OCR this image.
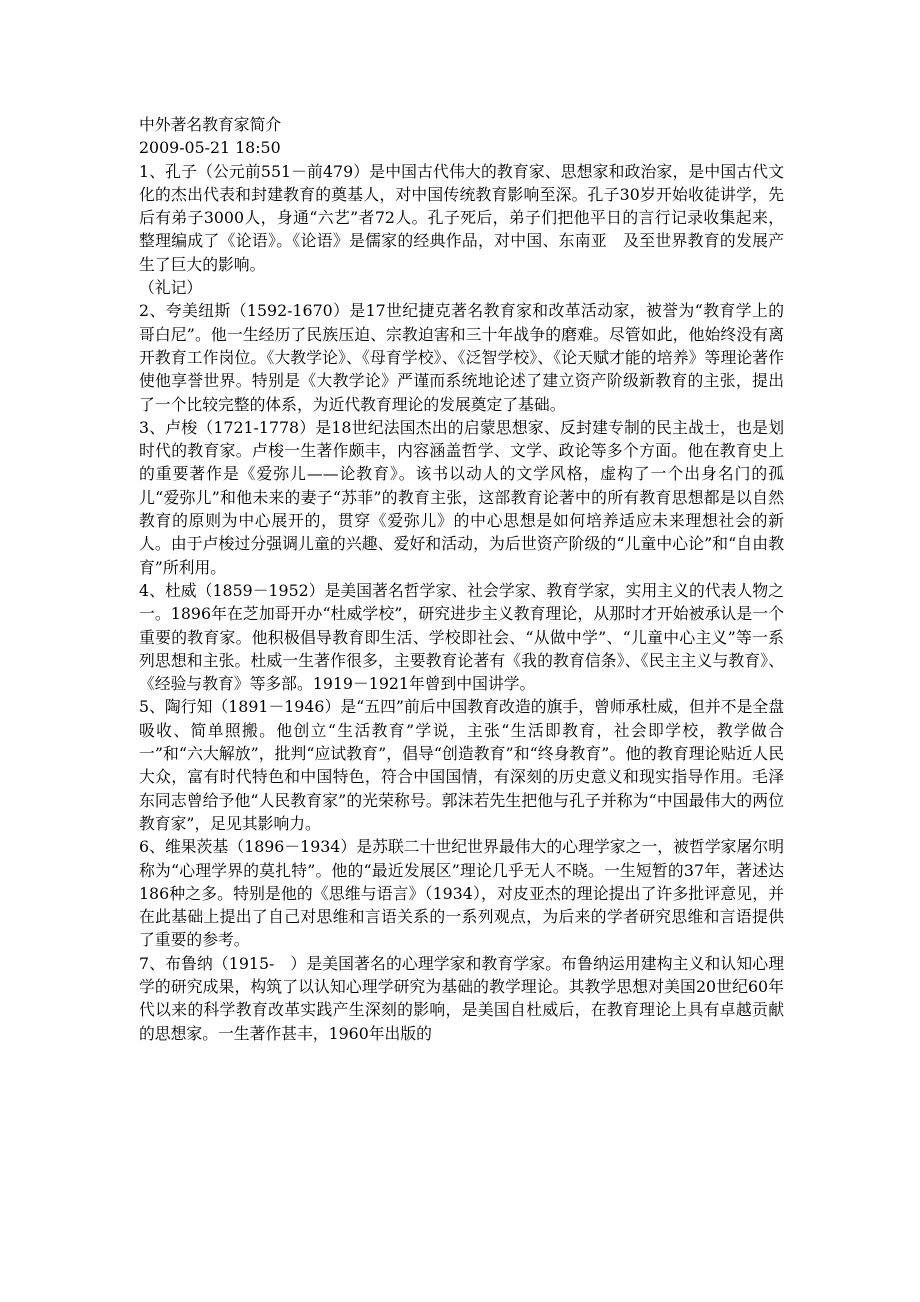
中外著名教育家简介

2009-05-21 18:50

1、孔子（公元前551－前479）是中国古代伟大的教育家、思想家和政治家，是中国古代文化的杰出代表和封建教育的奠基人，对中国传统教育影响至深。孔子30岁开始收徒讲学，先后有弟子3000人，身通“六艺”者72人。孔子死后，弟子们把他平日的言行记录收集起来，整理编成了《论语》。《论语》是儒家的经典作品，对中国、东南亚　及至世界教育的发展产生了巨大的影响。

（礼记）

2、夸美纽斯（1592-1670）是17世纪捷克著名教育家和改革活动家，被誉为“教育学上的哥白尼”。他一生经历了民族压迫、宗教迫害和三十年战争的磨难。尽管如此，他始终没有离开教育工作岗位。《大教学论》、《母育学校》、《泛智学校》、《论天赋才能的培养》等理论著作使他享誉世界。特别是《大教学论》严谨而系统地论述了建立资产阶级新教育的主张，提出了一个比较完整的体系，为近代教育理论的发展奠定了基础。

3、卢梭（1721-1778）是18世纪法国杰出的启蒙思想家、反封建专制的民主战士，也是划时代的教育家。卢梭一生著作颇丰，内容涵盖哲学、文学、政论等多个方面。他在教育史上的重要著作是《爱弥儿——论教育》。该书以动人的文学风格，虚构了一个出身名门的孤儿“爱弥儿”和他未来的妻子“苏菲”的教育主张，这部教育论著中的所有教育思想都是以自然教育的原则为中心展开的，贯穿《爱弥儿》的中心思想是如何培养适应未来理想社会的新人。由于卢梭过分强调儿童的兴趣、爱好和活动，为后世资产阶级的“儿童中心论”和“自由教育”所利用。

4、杜威（1859－1952）是美国著名哲学家、社会学家、教育学家，实用主义的代表人物之一。1896年在芝加哥开办“杜威学校”，研究进步主义教育理论，从那时才开始被承认是一个重要的教育家。他积极倡导教育即生活、学校即社会、“从做中学”、“儿童中心主义”等一系列思想和主张。杜威一生著作很多，主要教育论著有《我的教育信条》、《民主主义与教育》、《经验与教育》等多部。1919－1921年曾到中国讲学。

5、陶行知（1891－1946）是“五四”前后中国教育改造的旗手，曾师承杜威，但并不是全盘吸收、简单照搬。他创立“生活教育”学说，主张“生活即教育，社会即学校，教学做合一”和“六大解放”，批判“应试教育”，倡导“创造教育”和“终身教育”。他的教育理论贴近人民大众，富有时代特色和中国特色，符合中国国情，有深刻的历史意义和现实指导作用。毛泽东同志曾给予他“人民教育家”的光荣称号。郭沫若先生把他与孔子并称为“中国最伟大的两位教育家”，足见其影响力。

6、维果茨基（1896－1934）是苏联二十世纪世界最伟大的心理学家之一，被哲学家屠尔明称为“心理学界的莫扎特”。他的“最近发展区”理论几乎无人不晓。一生短暂的37年，著述达186种之多。特别是他的《思维与语言》（1934），对皮亚杰的理论提出了许多批评意见，并在此基础上提出了自己对思维和言语关系的一系列观点，为后来的学者研究思维和言语提供了重要的参考。

7、布鲁纳（1915-　）是美国著名的心理学家和教育学家。布鲁纳运用建构主义和认知心理学的研究成果，构筑了以认知心理学研究为基础的教学理论。其教学思想对美国20世纪60年代以来的科学教育改革实践产生深刻的影响，是美国自杜威后，在教育理论上具有卓越贡献的思想家。一生著作甚丰，1960年出版的
